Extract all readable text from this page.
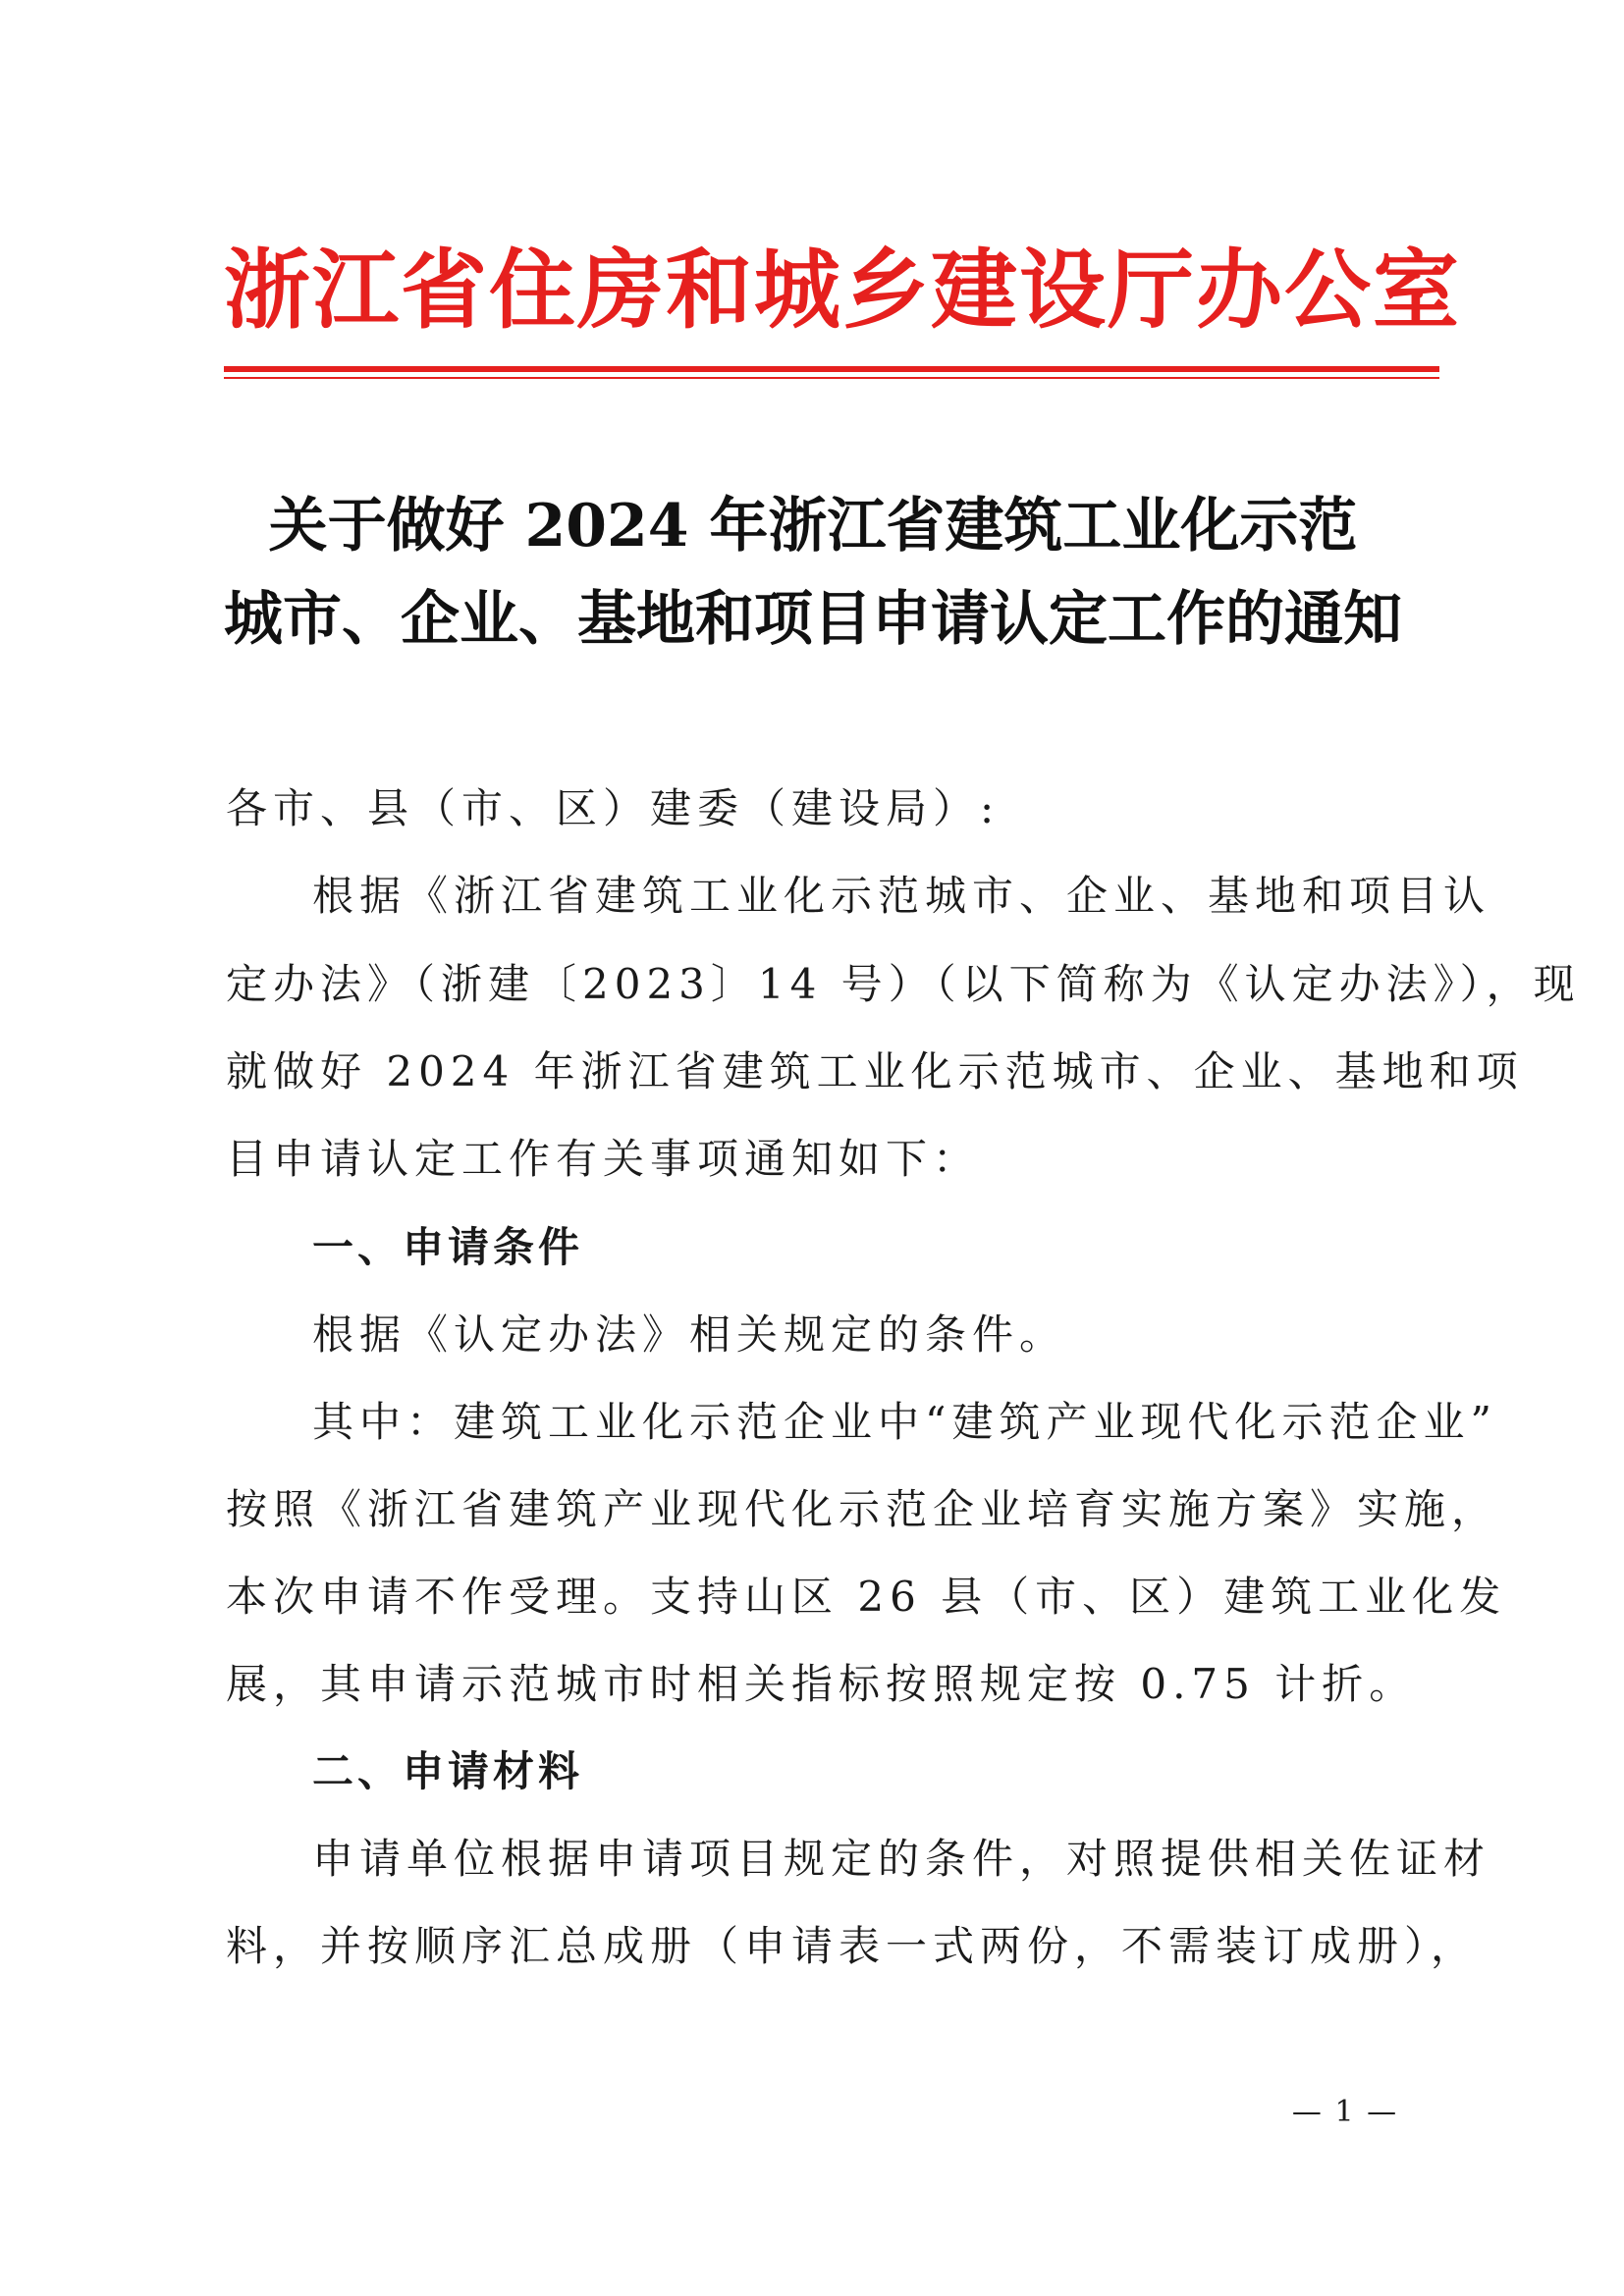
浙江省住房和城乡建设厅办公室
关于做好 2024 年浙江省建筑工业化示范
城市、企业、基地和项目申请认定工作的通知
各市、县（市、区）建委（建设局）:
根据《浙江省建筑工业化示范城市、企业、基地和项目认
定办法》（浙建〔2023〕14 号）（以下简称为《认定办法》），现
就做好 2024 年浙江省建筑工业化示范城市、企业、基地和项
目申请认定工作有关事项通知如下：
一、申请条件
根据《认定办法》相关规定的条件。
其中：建筑工业化示范企业中“建筑产业现代化示范企业”
按照《浙江省建筑产业现代化示范企业培育实施方案》实施，
本次申请不作受理。支持山区 26 县（市、区）建筑工业化发
展，其申请示范城市时相关指标按照规定按 0.75 计折。
二、申请材料
申请单位根据申请项目规定的条件，对照提供相关佐证材
料，并按顺序汇总成册（申请表一式两份，不需装订成册），
— 1 —
